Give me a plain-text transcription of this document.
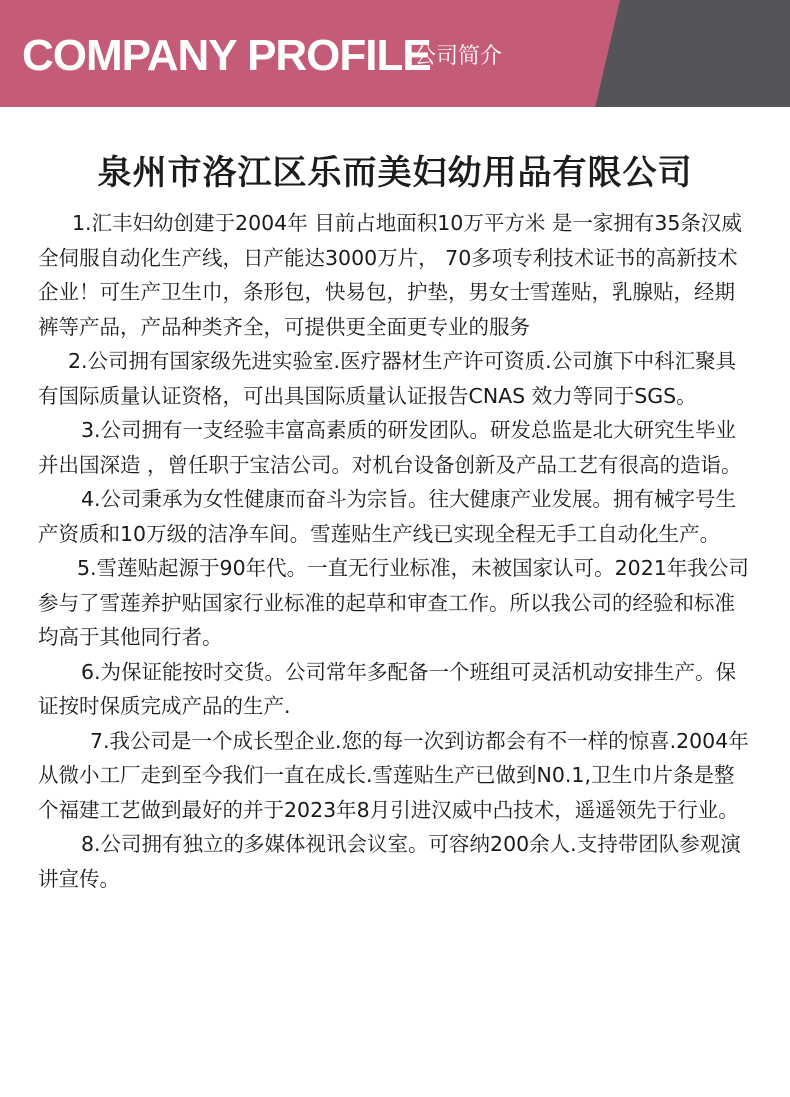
COMPANY PROFILE
公司简介
泉州市洛江区乐而美妇幼用品有限公司

1.汇丰妇幼创建于2004年 目前占地面积10万平方米 是一家拥有35条汉威全伺服自动化生产线，日产能达3000万片， 70多项专利技术证书的高新技术企业！可生产卫生巾，条形包，快易包，护垫，男女士雪莲贴，乳腺贴，经期裤等产品，产品种类齐全，可提供更全面更专业的服务

2.公司拥有国家级先进实验室.医疗器材生产许可资质.公司旗下中科汇聚具有国际质量认证资格，可出具国际质量认证报告CNAS 效力等同于SGS。

3.公司拥有一支经验丰富高素质的研发团队。研发总监是北大研究生毕业并出国深造 ，曾任职于宝洁公司。对机台设备创新及产品工艺有很高的造诣。

4.公司秉承为女性健康而奋斗为宗旨。往大健康产业发展。拥有械字号生产资质和10万级的洁净车间。雪莲贴生产线已实现全程无手工自动化生产。

5.雪莲贴起源于90年代。一直无行业标准，未被国家认可。2021年我公司参与了雪莲养护贴国家行业标准的起草和审查工作。所以我公司的经验和标准均高于其他同行者。

6.为保证能按时交货。公司常年多配备一个班组可灵活机动安排生产。保证按时保质完成产品的生产.

7.我公司是一个成长型企业.您的每一次到访都会有不一样的惊喜.2004年从微小工厂走到至今我们一直在成长.雪莲贴生产已做到N0.1,卫生巾片条是整个福建工艺做到最好的并于2023年8月引进汉威中凸技术，遥遥领先于行业。

8.公司拥有独立的多媒体视讯会议室。可容纳200余人.支持带团队参观演讲宣传。
